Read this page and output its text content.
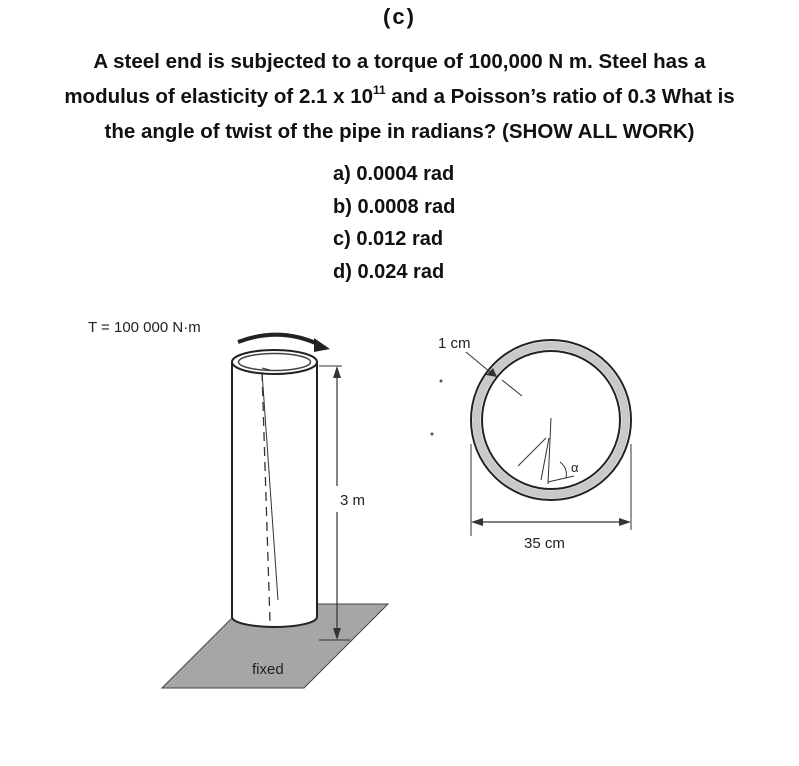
(c)
A steel end is subjected to a torque of 100,000 N m. Steel has a
modulus of elasticity of 2.1 x $10^{11}$ and a Poisson’s ratio of 0.3 What is
the angle of twist of the pipe in radians? (SHOW ALL WORK)
a) 0.0004 rad
b) 0.0008 rad
c) 0.012 rad
d) 0.024 rad
fixed
T = 100 000 N·m
3 m
1 cm
α
35 cm
